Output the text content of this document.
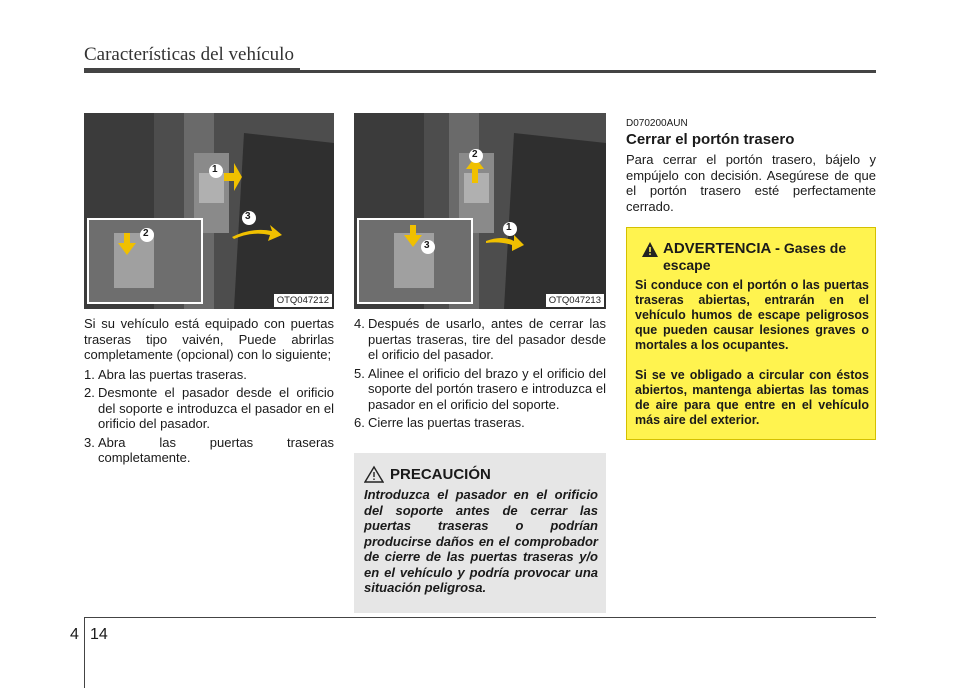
Características del vehículo
1
3
2
OTQ047212
2
1
3
OTQ047213

Si su vehículo está equipado con puertas traseras tipo vaivén, Puede abrirlas completamente (opcional) con lo siguiente;

1. Abra las puertas traseras.
2. Desmonte el pasador desde el orificio del soporte e introduzca el pasador en el orificio del pasador.
3. Abra las puertas traseras completamente.
4. Después de usarlo, antes de cerrar las puertas traseras, tire del pasador desde el orificio del pasador.
5. Alinee el orificio del brazo y el orificio del soporte del portón trasero e introduzca el pasador en el orificio del soporte.
6. Cierre las puertas traseras.
PRECAUCIÓN
Introduzca el pasador en el orificio del soporte antes de cerrar las puertas traseras o podrían producirse daños en el comprobador de cierre de las puertas traseras y/o en el vehículo y podría provocar una situación peligrosa.
D070200AUN
Cerrar el portón trasero
Para cerrar el portón trasero, bájelo y empújelo con decisión. Asegúrese de que el portón trasero esté perfectamente cerrado.
ADVERTENCIA - Gases de escape
Si conduce con el portón o las puertas traseras abiertas, entrarán en el vehículo humos de escape peligrosos que pueden causar lesiones graves o mortales a los ocupantes.
Si se ve obligado a circular con éstos abiertos, mantenga abiertas las tomas de aire para que entre en el vehículo más aire del exterior.
4 14
